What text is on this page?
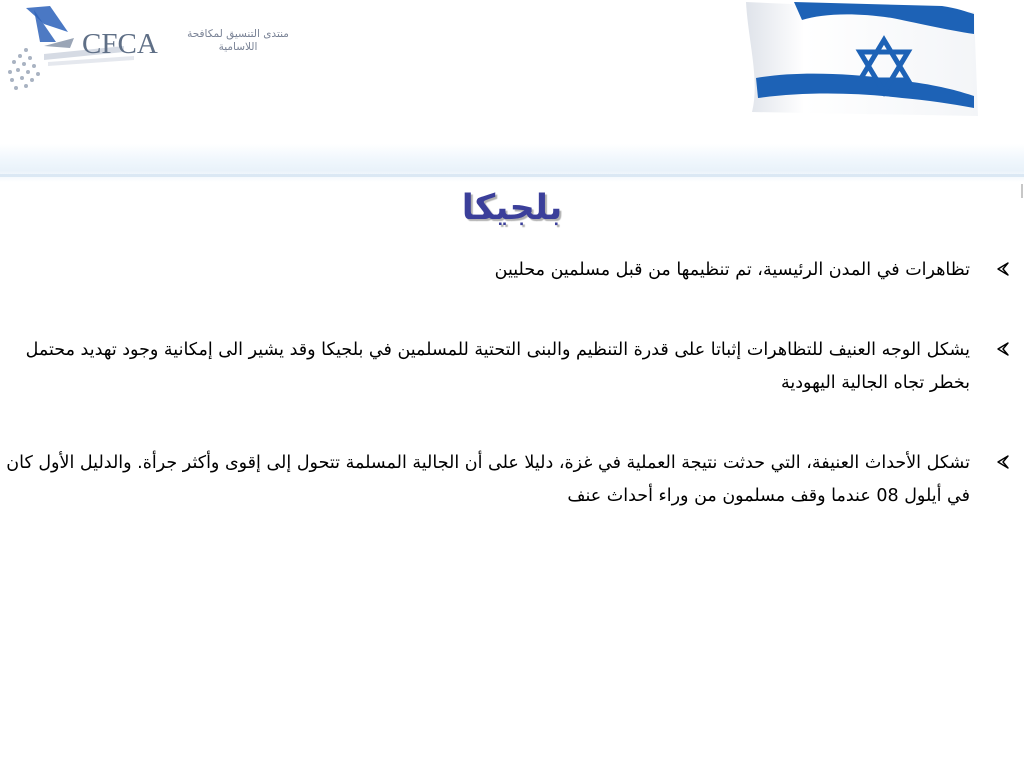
CFCA	منتدى التنسيق لمكافحة اللاسامية
بلجيكا
تظاهرات في المدن الرئيسية، تم تنظيمها من قبل مسلمين محليين
يشكل الوجه العنيف للتظاهرات إثباتا على قدرة التنظيم والبنى التحتية للمسلمين في بلجيكا وقد يشير الى إمكانية وجود تهديد محتمل بخطر تجاه الجالية اليهودية
تشكل الأحداث العنيفة، التي حدثت نتيجة العملية في غزة، دليلا على أن الجالية المسلمة تتحول إلى إقوى وأكثر جرأة. والدليل الأول كان في أيلول 08 عندما وقف مسلمون من وراء أحداث عنف
